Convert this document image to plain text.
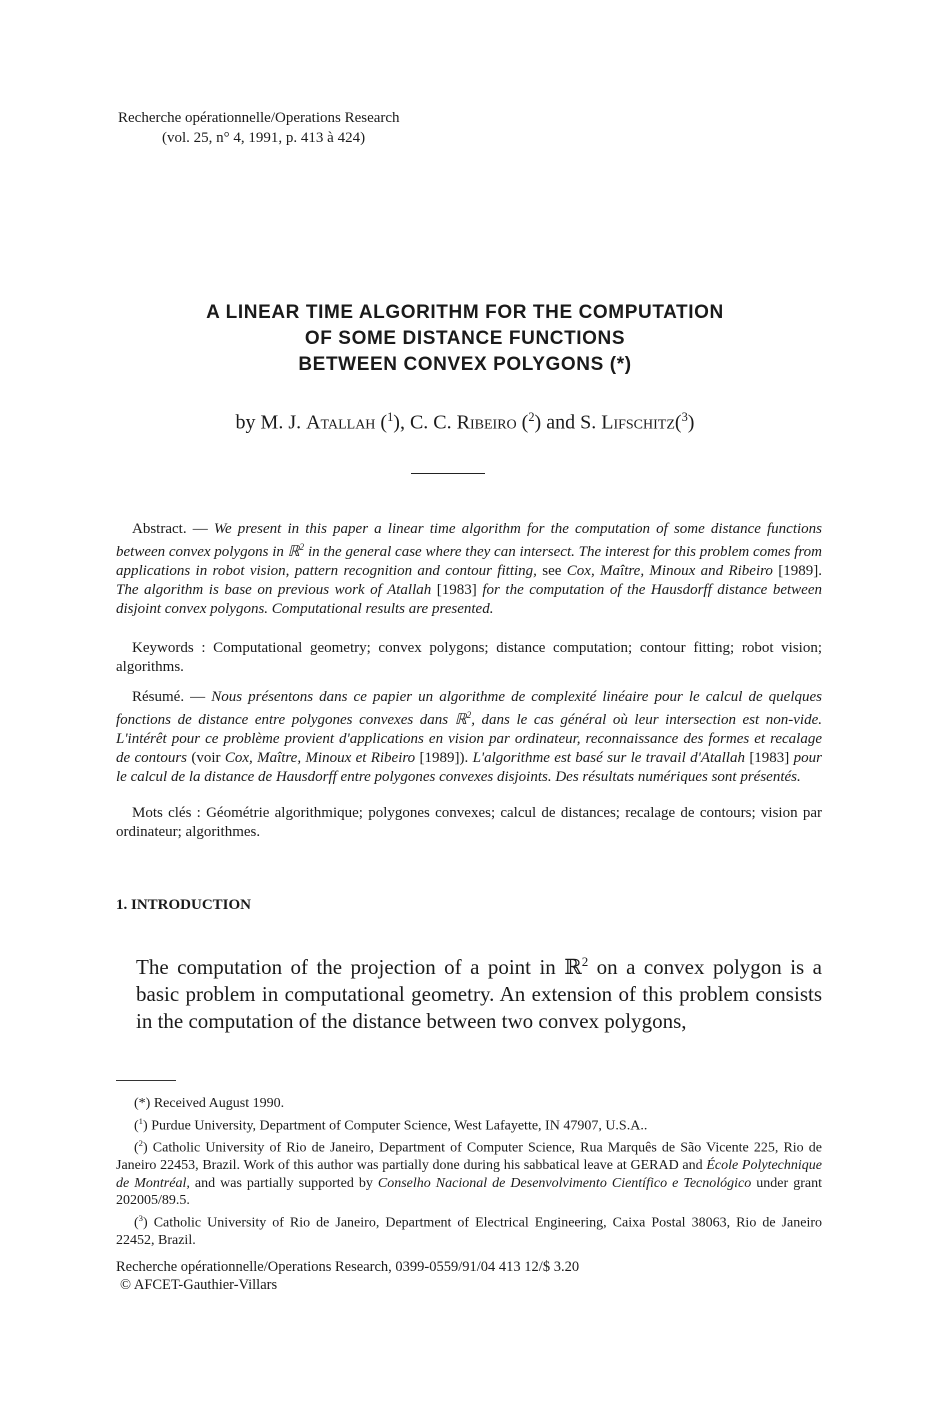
Recherche opérationnelle/Operations Research
(vol. 25, n° 4, 1991, p. 413 à 424)
A LINEAR TIME ALGORITHM FOR THE COMPUTATION
OF SOME DISTANCE FUNCTIONS
BETWEEN CONVEX POLYGONS (*)
by M. J. Atallah ($^1$), C. C. Ribeiro ($^2$) and S. Lifschitz($^3$)
Abstract. — We present in this paper a linear time algorithm for the computation of some distance functions between convex polygons in ℝ$^2$ in the general case where they can intersect. The interest for this problem comes from applications in robot vision, pattern recognition and contour fitting, see Cox, Maître, Minoux and Ribeiro [1989]. The algorithm is base on previous work of Atallah [1983] for the computation of the Hausdorff distance between disjoint convex polygons. Computational results are presented.
Keywords : Computational geometry; convex polygons; distance computation; contour fitting; robot vision; algorithms.
Résumé. — Nous présentons dans ce papier un algorithme de complexité linéaire pour le calcul de quelques fonctions de distance entre polygones convexes dans ℝ$^2$, dans le cas général où leur intersection est non-vide. L'intérêt pour ce problème provient d'applications en vision par ordinateur, reconnaissance des formes et recalage de contours (voir Cox, Maître, Minoux et Ribeiro [1989]). L'algorithme est basé sur le travail d'Atallah [1983] pour le calcul de la distance de Hausdorff entre polygones convexes disjoints. Des résultats numériques sont présentés.
Mots clés : Géométrie algorithmique; polygones convexes; calcul de distances; recalage de contours; vision par ordinateur; algorithmes.
1. INTRODUCTION

The computation of the projection of a point in ℝ$^2$ on a convex polygon is a basic problem in computational geometry. An extension of this problem consists in the computation of the distance between two convex polygons,

(*) Received August 1990.

($^1$) Purdue University, Department of Computer Science, West Lafayette, IN 47907, U.S.A..

($^2$) Catholic University of Rio de Janeiro, Department of Computer Science, Rua Marquês de São Vicente 225, Rio de Janeiro 22453, Brazil. Work of this author was partially done during his sabbatical leave at GERAD and École Polytechnique de Montréal, and was partially supported by Conselho Nacional de Desenvolvimento Científico e Tecnológico under grant 202005/89.5.

($^3$) Catholic University of Rio de Janeiro, Department of Electrical Engineering, Caixa Postal 38063, Rio de Janeiro 22452, Brazil.

Recherche opérationnelle/Operations Research, 0399-0559/91/04 413 12/$ 3.20
© AFCET-Gauthier-Villars
